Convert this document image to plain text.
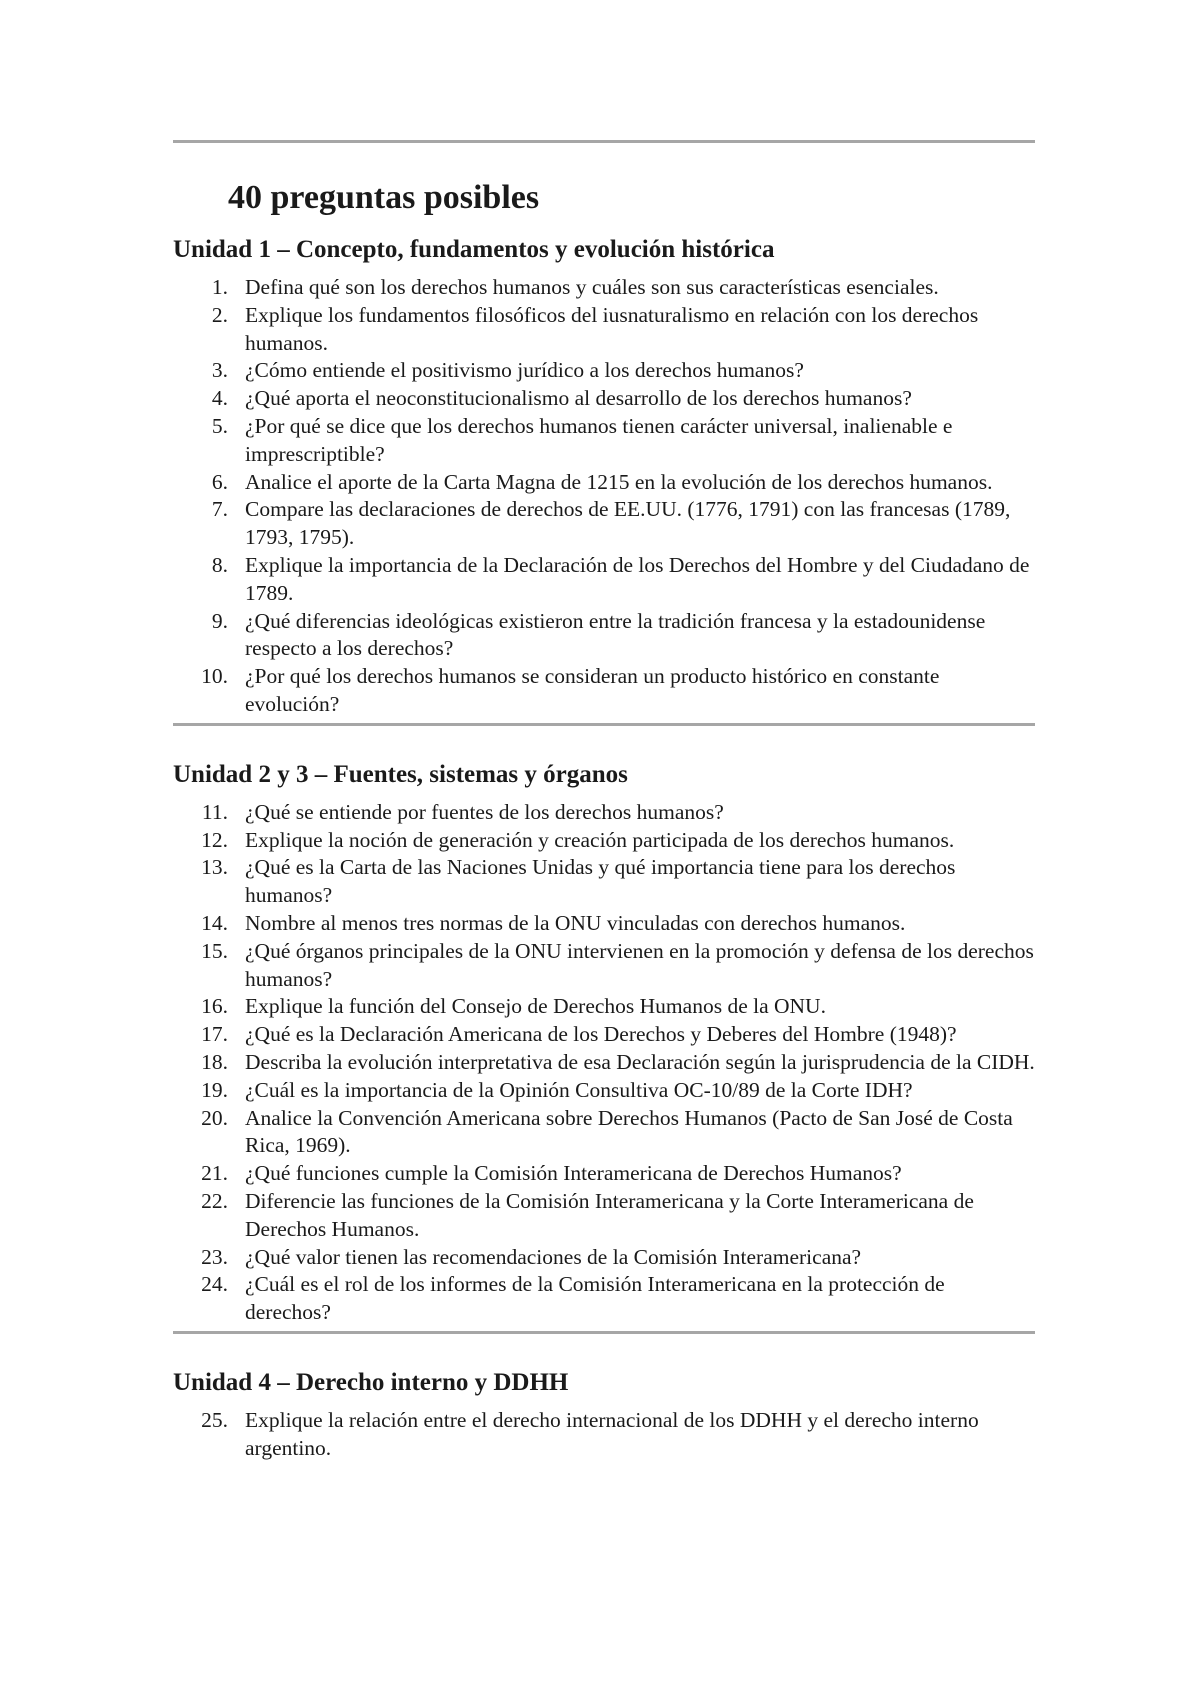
40 preguntas posibles
Unidad 1 – Concepto, fundamentos y evolución histórica
1. Defina qué son los derechos humanos y cuáles son sus características esenciales.
2. Explique los fundamentos filosóficos del iusnaturalismo en relación con los derechos humanos.
3. ¿Cómo entiende el positivismo jurídico a los derechos humanos?
4. ¿Qué aporta el neoconstitucionalismo al desarrollo de los derechos humanos?
5. ¿Por qué se dice que los derechos humanos tienen carácter universal, inalienable e imprescriptible?
6. Analice el aporte de la Carta Magna de 1215 en la evolución de los derechos humanos.
7. Compare las declaraciones de derechos de EE.UU. (1776, 1791) con las francesas (1789, 1793, 1795).
8. Explique la importancia de la Declaración de los Derechos del Hombre y del Ciudadano de 1789.
9. ¿Qué diferencias ideológicas existieron entre la tradición francesa y la estadounidense respecto a los derechos?
10. ¿Por qué los derechos humanos se consideran un producto histórico en constante evolución?
Unidad 2 y 3 – Fuentes, sistemas y órganos
11. ¿Qué se entiende por fuentes de los derechos humanos?
12. Explique la noción de generación y creación participada de los derechos humanos.
13. ¿Qué es la Carta de las Naciones Unidas y qué importancia tiene para los derechos humanos?
14. Nombre al menos tres normas de la ONU vinculadas con derechos humanos.
15. ¿Qué órganos principales de la ONU intervienen en la promoción y defensa de los derechos humanos?
16. Explique la función del Consejo de Derechos Humanos de la ONU.
17. ¿Qué es la Declaración Americana de los Derechos y Deberes del Hombre (1948)?
18. Describa la evolución interpretativa de esa Declaración según la jurisprudencia de la CIDH.
19. ¿Cuál es la importancia de la Opinión Consultiva OC-10/89 de la Corte IDH?
20. Analice la Convención Americana sobre Derechos Humanos (Pacto de San José de Costa Rica, 1969).
21. ¿Qué funciones cumple la Comisión Interamericana de Derechos Humanos?
22. Diferencie las funciones de la Comisión Interamericana y la Corte Interamericana de Derechos Humanos.
23. ¿Qué valor tienen las recomendaciones de la Comisión Interamericana?
24. ¿Cuál es el rol de los informes de la Comisión Interamericana en la protección de derechos?
Unidad 4 – Derecho interno y DDHH
25. Explique la relación entre el derecho internacional de los DDHH y el derecho interno argentino.
